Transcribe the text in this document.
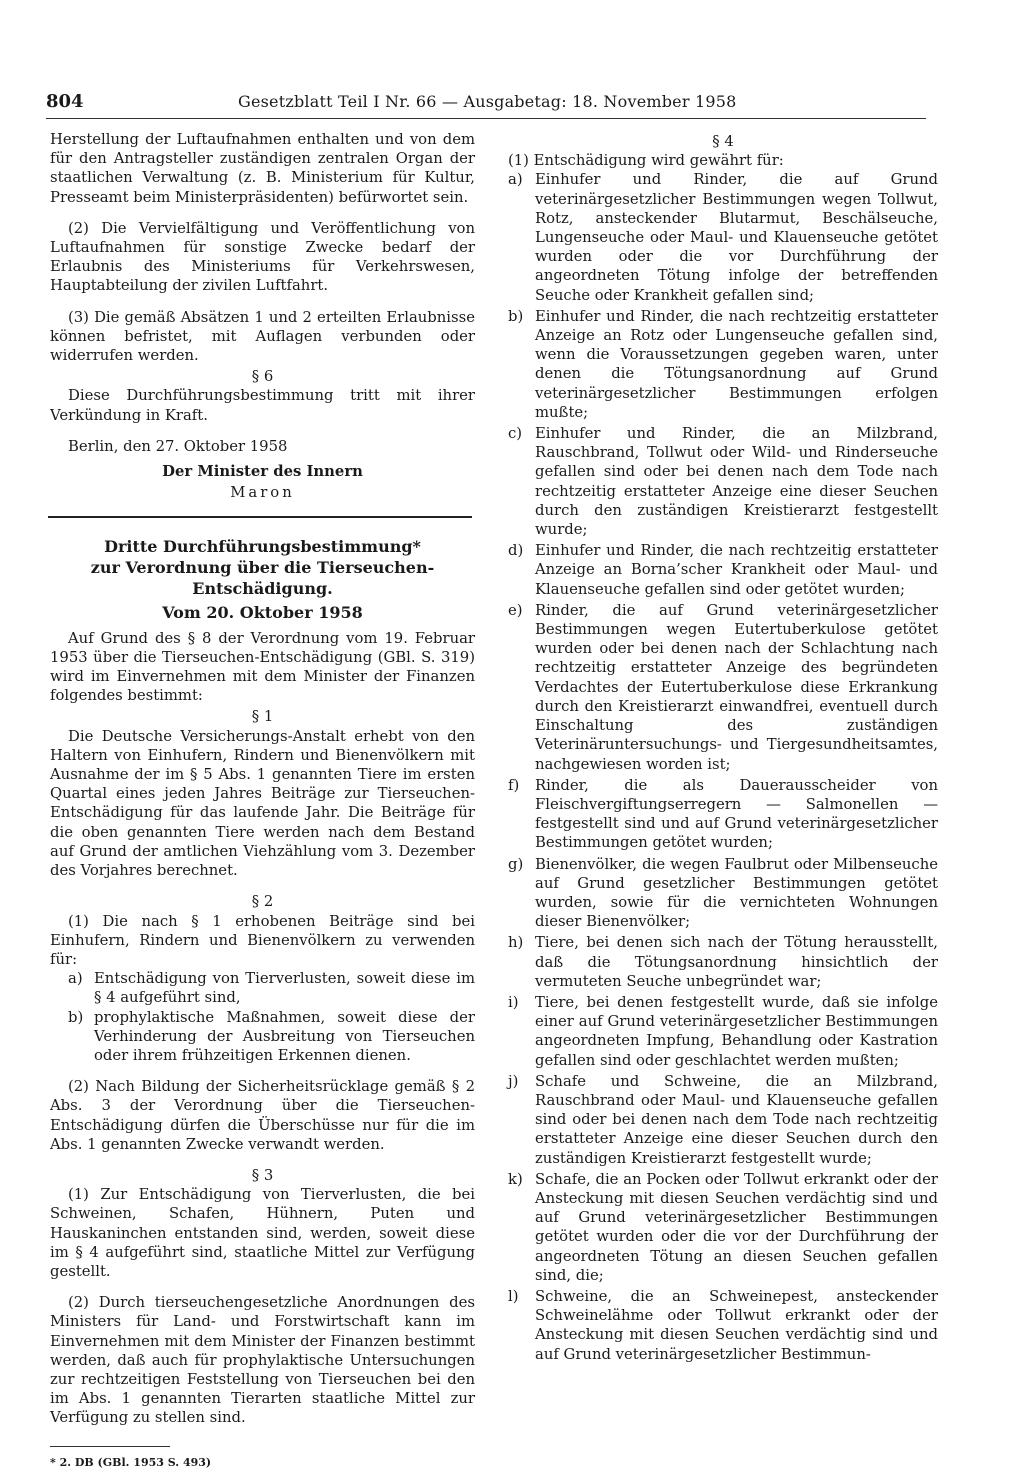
804	Gesetzblatt Teil I Nr. 66 — Ausgabetag: 18. November 1958

Herstellung der Luftaufnahmen enthalten und von dem für den Antragsteller zuständigen zentralen Organ der staatlichen Verwaltung (z. B. Ministerium für Kultur, Presseamt beim Ministerpräsidenten) befürwortet sein.

(2) Die Vervielfältigung und Veröffentlichung von Luftaufnahmen für sonstige Zwecke bedarf der Erlaubnis des Ministeriums für Verkehrswesen, Hauptabteilung der zivilen Luftfahrt.

(3) Die gemäß Absätzen 1 und 2 erteilten Erlaubnisse können befristet, mit Auflagen verbunden oder widerrufen werden.

§ 6

Diese Durchführungsbestimmung tritt mit ihrer Verkündung in Kraft.

Berlin, den 27. Oktober 1958

Der Minister des Innern
Maron
Dritte Durchführungsbestimmung*
zur Verordnung über die Tierseuchen-
Entschädigung.
Vom 20. Oktober 1958

Auf Grund des § 8 der Verordnung vom 19. Februar 1953 über die Tierseuchen-Entschädigung (GBl. S. 319) wird im Einvernehmen mit dem Minister der Finanzen folgendes bestimmt:

§ 1

Die Deutsche Versicherungs-Anstalt erhebt von den Haltern von Einhufern, Rindern und Bienenvölkern mit Ausnahme der im § 5 Abs. 1 genannten Tiere im ersten Quartal eines jeden Jahres Beiträge zur Tierseuchen-Entschädigung für das laufende Jahr. Die Beiträge für die oben genannten Tiere werden nach dem Bestand auf Grund der amtlichen Viehzählung vom 3. Dezember des Vorjahres berechnet.

§ 2

(1) Die nach § 1 erhobenen Beiträge sind bei Einhufern, Rindern und Bienenvölkern zu verwenden für:

a) Entschädigung von Tierverlusten, soweit diese im § 4 aufgeführt sind,
b) prophylaktische Maßnahmen, soweit diese der Verhinderung der Ausbreitung von Tierseuchen oder ihrem frühzeitigen Erkennen dienen.

(2) Nach Bildung der Sicherheitsrücklage gemäß § 2 Abs. 3 der Verordnung über die Tierseuchen-Entschädigung dürfen die Überschüsse nur für die im Abs. 1 genannten Zwecke verwandt werden.

§ 3

(1) Zur Entschädigung von Tierverlusten, die bei Schweinen, Schafen, Hühnern, Puten und Hauskaninchen entstanden sind, werden, soweit diese im § 4 aufgeführt sind, staatliche Mittel zur Verfügung gestellt.

(2) Durch tierseuchengesetzliche Anordnungen des Ministers für Land- und Forstwirtschaft kann im Einvernehmen mit dem Minister der Finanzen bestimmt werden, daß auch für prophylaktische Untersuchungen zur rechtzeitigen Feststellung von Tierseuchen bei den im Abs. 1 genannten Tierarten staatliche Mittel zur Verfügung zu stellen sind.

* 2. DB (GBl. 1953 S. 493)
§ 4

(1) Entschädigung wird gewährt für:

a) Einhufer und Rinder, die auf Grund veterinärgesetzlicher Bestimmungen wegen Tollwut, Rotz, ansteckender Blutarmut, Beschälseuche, Lungenseuche oder Maul- und Klauenseuche getötet wurden oder die vor Durchführung der angeordneten Tötung infolge der betreffenden Seuche oder Krankheit gefallen sind;
b) Einhufer und Rinder, die nach rechtzeitig erstatteter Anzeige an Rotz oder Lungenseuche gefallen sind, wenn die Voraussetzungen gegeben waren, unter denen die Tötungsanordnung auf Grund veterinärgesetzlicher Bestimmungen erfolgen mußte;
c) Einhufer und Rinder, die an Milzbrand, Rauschbrand, Tollwut oder Wild- und Rinderseuche gefallen sind oder bei denen nach dem Tode nach rechtzeitig erstatteter Anzeige eine dieser Seuchen durch den zuständigen Kreistierarzt festgestellt wurde;
d) Einhufer und Rinder, die nach rechtzeitig erstatteter Anzeige an Borna’scher Krankheit oder Maul- und Klauenseuche gefallen sind oder getötet wurden;
e) Rinder, die auf Grund veterinärgesetzlicher Bestimmungen wegen Eutertuberkulose getötet wurden oder bei denen nach der Schlachtung nach rechtzeitig erstatteter Anzeige des begründeten Verdachtes der Eutertuberkulose diese Erkrankung durch den Kreistierarzt einwandfrei, eventuell durch Einschaltung des zuständigen Veterinäruntersuchungs- und Tiergesundheitsamtes, nachgewiesen worden ist;
f) Rinder, die als Dauerausscheider von Fleischvergiftungserregern — Salmonellen — festgestellt sind und auf Grund veterinärgesetzlicher Bestimmungen getötet wurden;
g) Bienenvölker, die wegen Faulbrut oder Milbenseuche auf Grund gesetzlicher Bestimmungen getötet wurden, sowie für die vernichteten Wohnungen dieser Bienenvölker;
h) Tiere, bei denen sich nach der Tötung herausstellt, daß die Tötungsanordnung hinsichtlich der vermuteten Seuche unbegründet war;
i) Tiere, bei denen festgestellt wurde, daß sie infolge einer auf Grund veterinärgesetzlicher Bestimmungen angeordneten Impfung, Behandlung oder Kastration gefallen sind oder geschlachtet werden mußten;
j) Schafe und Schweine, die an Milzbrand, Rauschbrand oder Maul- und Klauenseuche gefallen sind oder bei denen nach dem Tode nach rechtzeitig erstatteter Anzeige eine dieser Seuchen durch den zuständigen Kreistierarzt festgestellt wurde;
k) Schafe, die an Pocken oder Tollwut erkrankt oder der Ansteckung mit diesen Seuchen verdächtig sind und auf Grund veterinärgesetzlicher Bestimmungen getötet wurden oder die vor der Durchführung der angeordneten Tötung an diesen Seuchen gefallen sind, die;
l) Schweine, die an Schweinepest, ansteckender Schweinelähme oder Tollwut erkrankt oder der Ansteckung mit diesen Seuchen verdächtig sind und auf Grund veterinärgesetzlicher Bestimmun-
